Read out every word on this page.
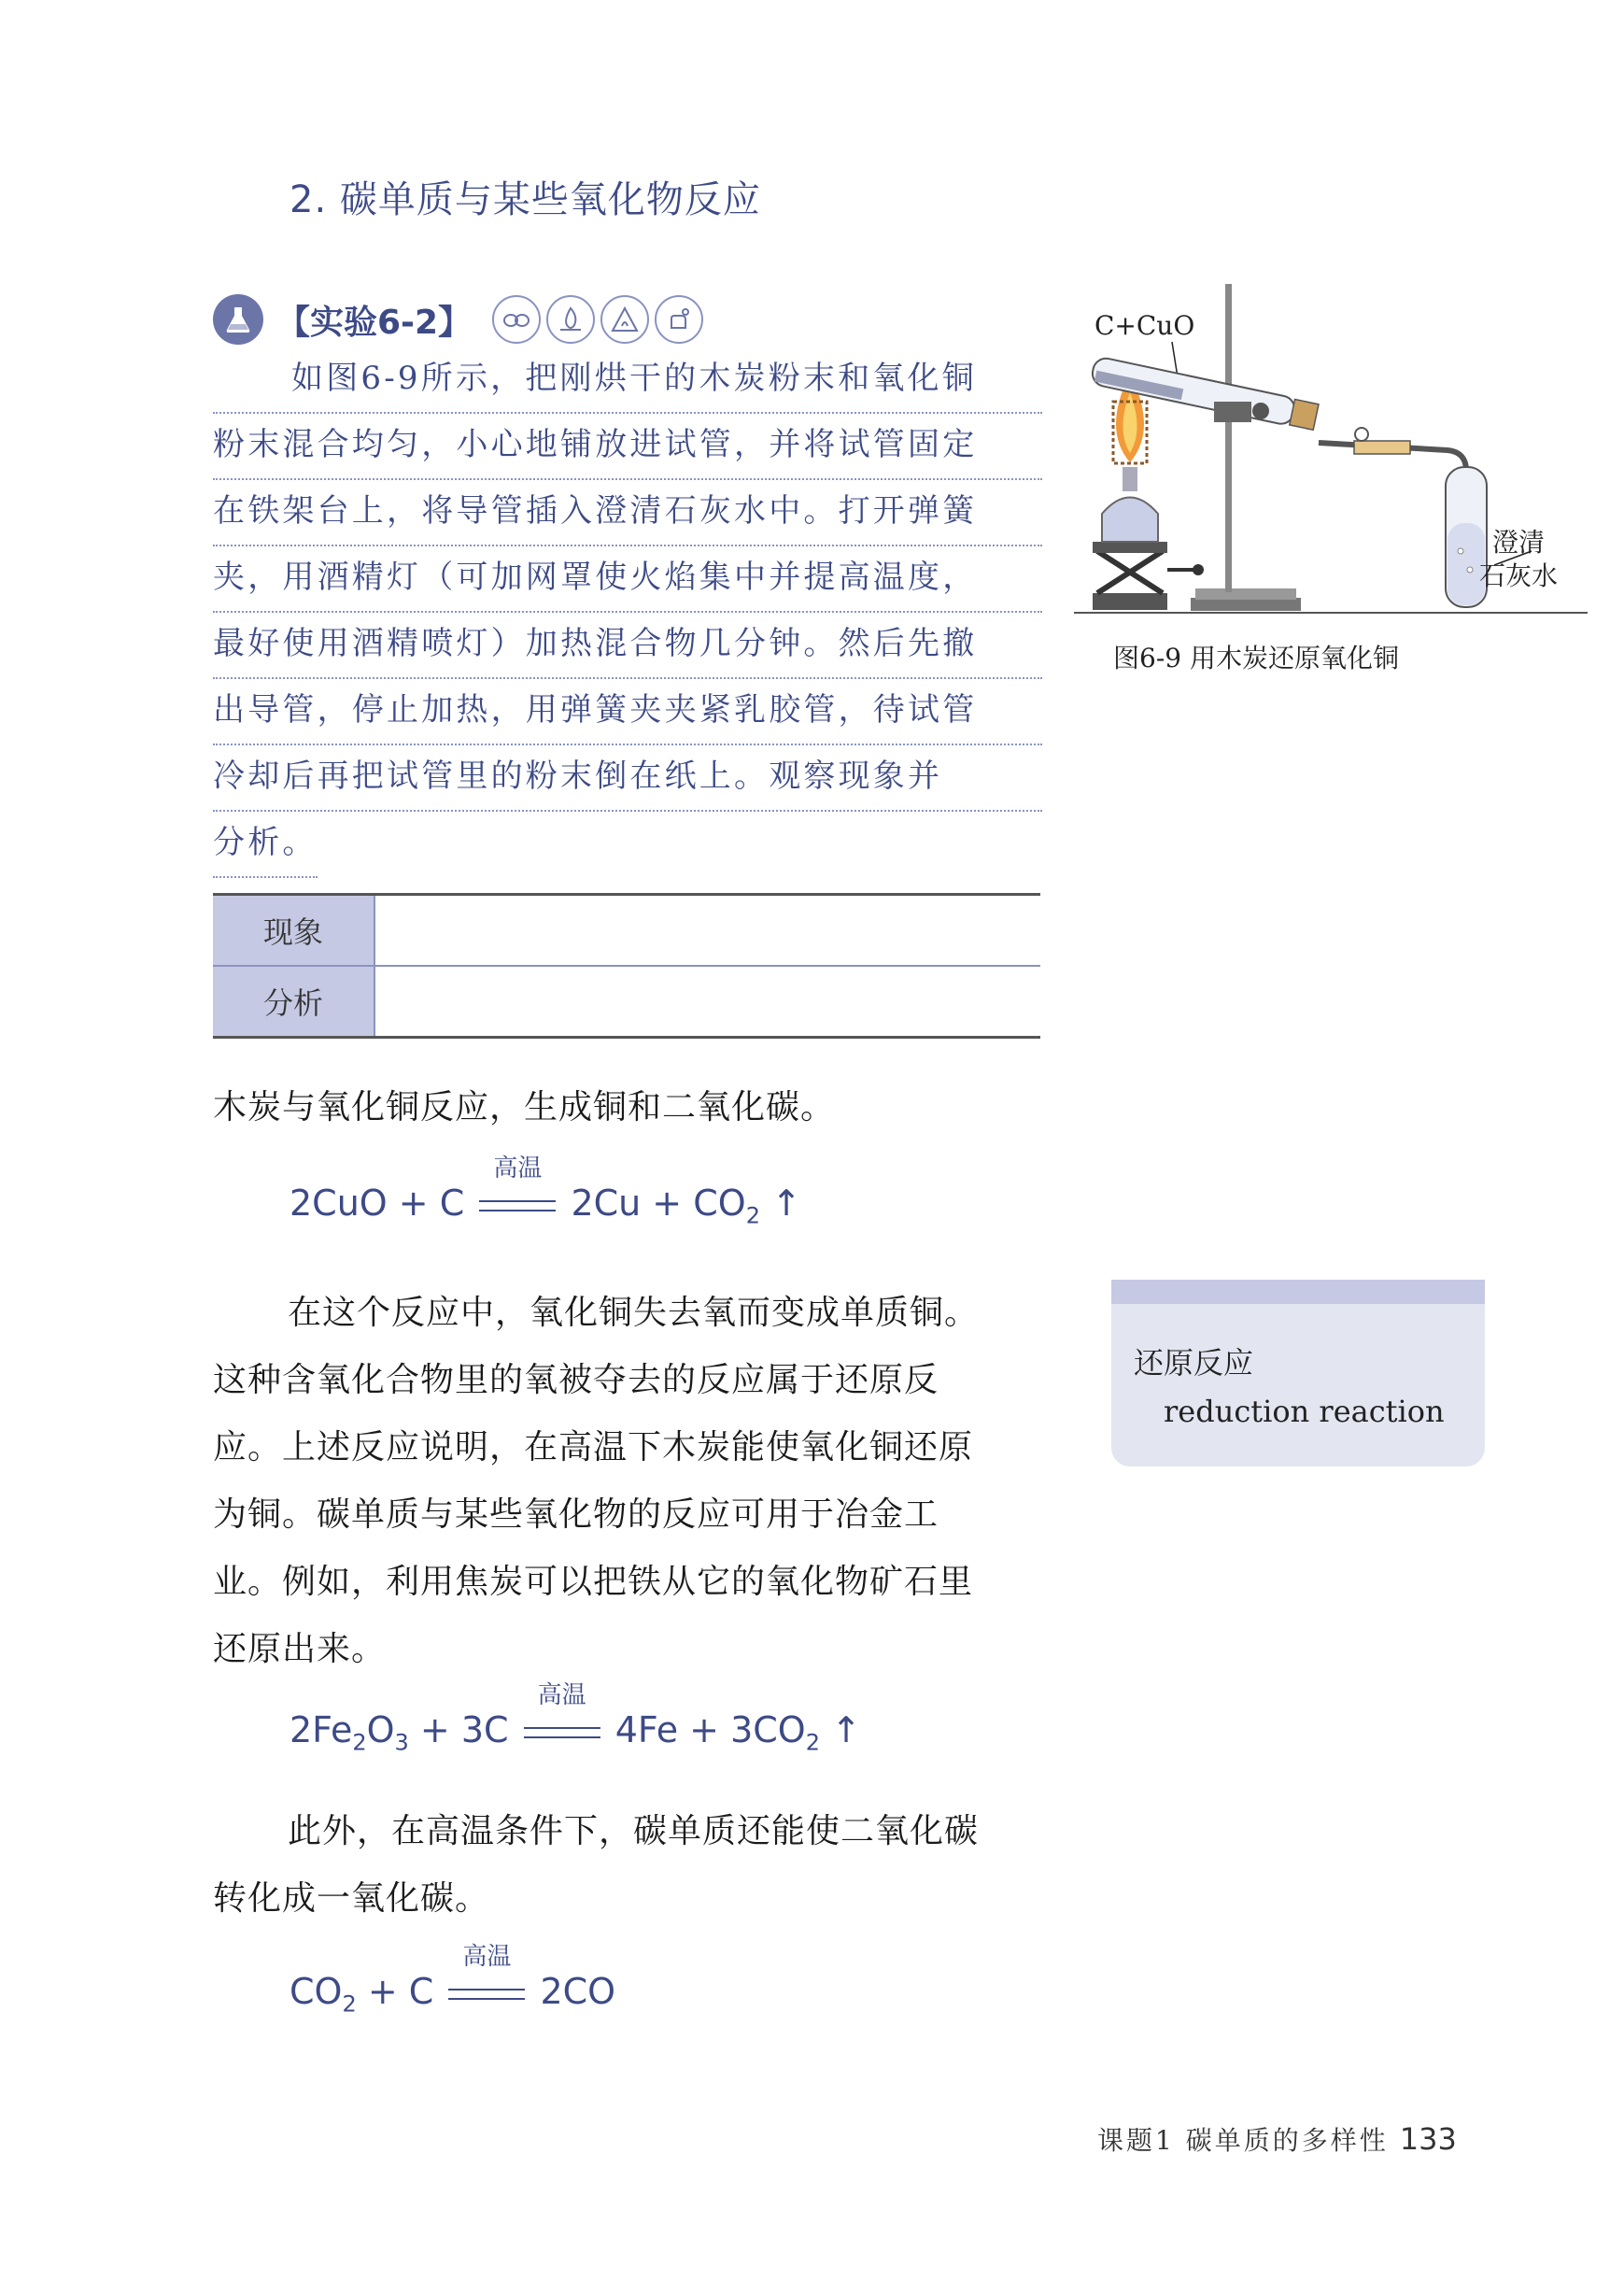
2. 碳单质与某些氧化物反应
【实验6-2】
如图6-9所示，把刚烘干的木炭粉末和氧化铜
粉末混合均匀，小心地铺放进试管，并将试管固定
在铁架台上，将导管插入澄清石灰水中。打开弹簧
夹，用酒精灯（可加网罩使火焰集中并提高温度，
最好使用酒精喷灯）加热混合物几分钟。然后先撤
出导管，停止加热，用弹簧夹夹紧乳胶管，待试管
冷却后再把试管里的粉末倒在纸上。观察现象并
分析。
现象	
分析	
C+CuO
澄清
石灰水
图6-9 用木炭还原氧化铜
木炭与氧化铜反应，生成铜和二氧化碳。
2CuO + C
高温
$2Cu + CO_2$ ↑
在这个反应中，氧化铜失去氧而变成单质铜。
这种含氧化合物里的氧被夺去的反应属于还原反
应。上述反应说明，在高温下木炭能使氧化铜还原
为铜。碳单质与某些氧化物的反应可用于冶金工
业。例如，利用焦炭可以把铁从它的氧化物矿石里
还原出来。
还原反应
reduction reaction
$2Fe_2O_3 + 3C$
高温
$4Fe + 3CO_2$ ↑
此外，在高温条件下，碳单质还能使二氧化碳
转化成一氧化碳。
$CO_2 + C$
高温
2CO
课题1 碳单质的多样性 133
